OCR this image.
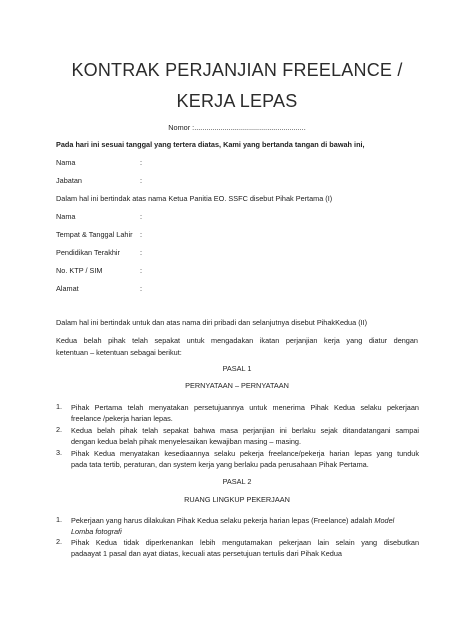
KONTRAK PERJANJIAN FREELANCE /
KERJA LEPAS
Nomor :.......................................................
Pada hari ini sesuai tanggal yang tertera diatas, Kami yang bertanda tangan di bawah ini,
Nama	:
Jabatan	:
Dalam hal ini bertindak atas nama Ketua Panitia EO. SSFC disebut Pihak Pertama (I)
Nama	:
Tempat & Tanggal Lahir :
Pendidikan Terakhir	:
No. KTP / SIM	:
Alamat	:
Dalam hal ini bertindak untuk dan atas nama diri pribadi dan selanjutnya disebut PihakKedua (II)
Kedua belah pihak telah sepakat untuk mengadakan ikatan perjanjian kerja yang diatur dengan
ketentuan – ketentuan sebagai berikut:
PASAL 1
PERNYATAAN – PERNYATAAN
1. Pihak Pertama telah menyatakan persetujuannya untuk menerima Pihak Kedua selaku pekerjaan
freelance /pekerja harian lepas.
2. Kedua belah pihak telah sepakat bahwa masa perjanjian ini berlaku sejak ditandatangani sampai
dengan kedua belah pihak menyelesaikan kewajiban masing – masing.
3. Pihak Kedua menyatakan kesediaannya selaku pekerja freelance/pekerja harian lepas yang tunduk
pada tata tertib, peraturan, dan system kerja yang berlaku pada perusahaan Pihak Pertama.
PASAL 2
RUANG LINGKUP PEKERJAAN
1. Pekerjaan yang harus dilakukan Pihak Kedua selaku pekerja harian lepas (Freelance) adalah Model
Lomba fotografi
2. Pihak Kedua tidak diperkenankan lebih mengutamakan pekerjaan lain selain yang disebutkan
padaayat 1 pasal dan ayat diatas, kecuali atas persetujuan tertulis dari Pihak Kedua
